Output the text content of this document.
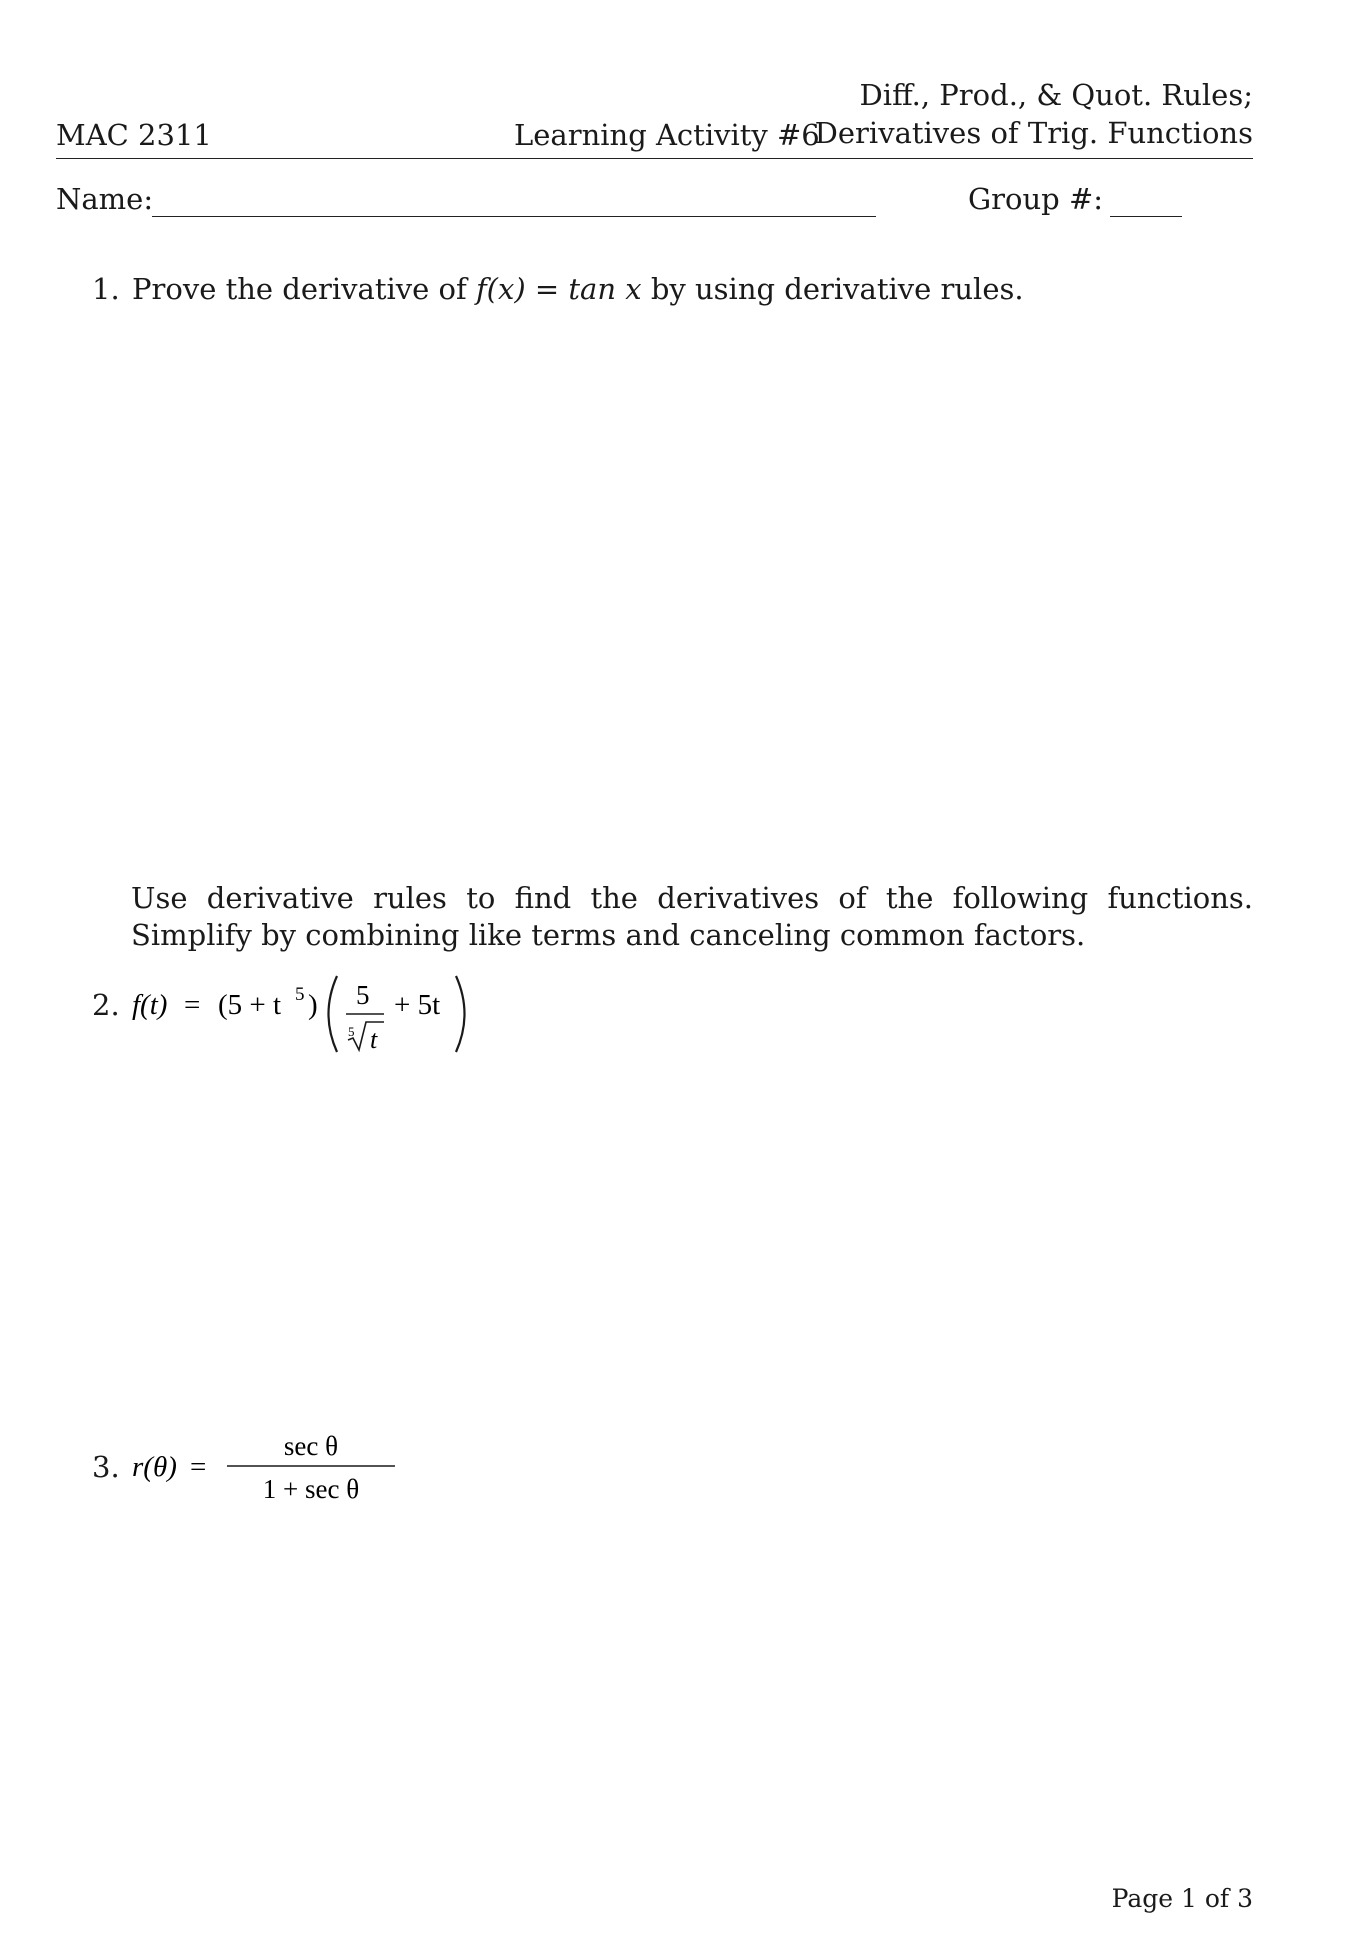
MAC 2311	Learning Activity #6
Diff., Prod., & Quot. Rules;
Derivatives of Trig. Functions
Name:	Group #:
1. Prove the derivative of f(x) = tan x by using derivative rules.
Use derivative rules to find the derivatives of the following functions. Simplify by combining like terms and canceling common factors.
2. f(t) = (5 + t 5 ) 5
5 t
+ 5t
3. r(θ) =
sec θ
1 + sec θ
Page 1 of 3
